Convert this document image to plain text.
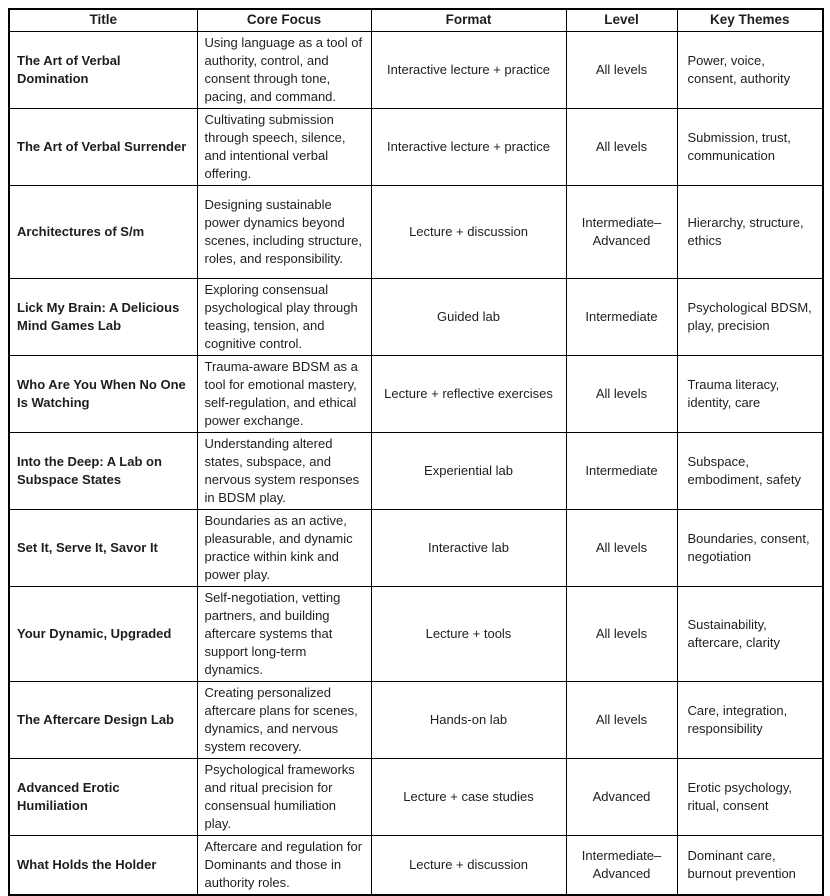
Title	Core Focus	Format	Level	Key Themes
The Art of Verbal Domination	Using language as a tool of authority, control, and consent through tone, pacing, and command.	Interactive lecture + practice	All levels	Power, voice, consent, authority
The Art of Verbal Surrender	Cultivating submission through speech, silence, and intentional verbal offering.	Interactive lecture + practice	All levels	Submission, trust, communication
Architectures of S/m	Designing sustainable power dynamics beyond scenes, including structure, roles, and responsibility.	Lecture + discussion	Intermediate–Advanced	Hierarchy, structure, ethics
Lick My Brain: A Delicious Mind Games Lab	Exploring consensual psychological play through teasing, tension, and cognitive control.	Guided lab	Intermediate	Psychological BDSM, play, precision
Who Are You When No One Is Watching	Trauma-aware BDSM as a tool for emotional mastery, self-regulation, and ethical power exchange.	Lecture + reflective exercises	All levels	Trauma literacy, identity, care
Into the Deep: A Lab on Subspace States	Understanding altered states, subspace, and nervous system responses in BDSM play.	Experiential lab	Intermediate	Subspace, embodiment, safety
Set It, Serve It, Savor It	Boundaries as an active, pleasurable, and dynamic practice within kink and power play.	Interactive lab	All levels	Boundaries, consent, negotiation
Your Dynamic, Upgraded	Self-negotiation, vetting partners, and building aftercare systems that support long-term dynamics.	Lecture + tools	All levels	Sustainability, aftercare, clarity
The Aftercare Design Lab	Creating personalized aftercare plans for scenes, dynamics, and nervous system recovery.	Hands-on lab	All levels	Care, integration, responsibility
Advanced Erotic Humiliation	Psychological frameworks and ritual precision for consensual humiliation play.	Lecture + case studies	Advanced	Erotic psychology, ritual, consent
What Holds the Holder	Aftercare and regulation for Dominants and those in authority roles.	Lecture + discussion	Intermediate–Advanced	Dominant care, burnout prevention
